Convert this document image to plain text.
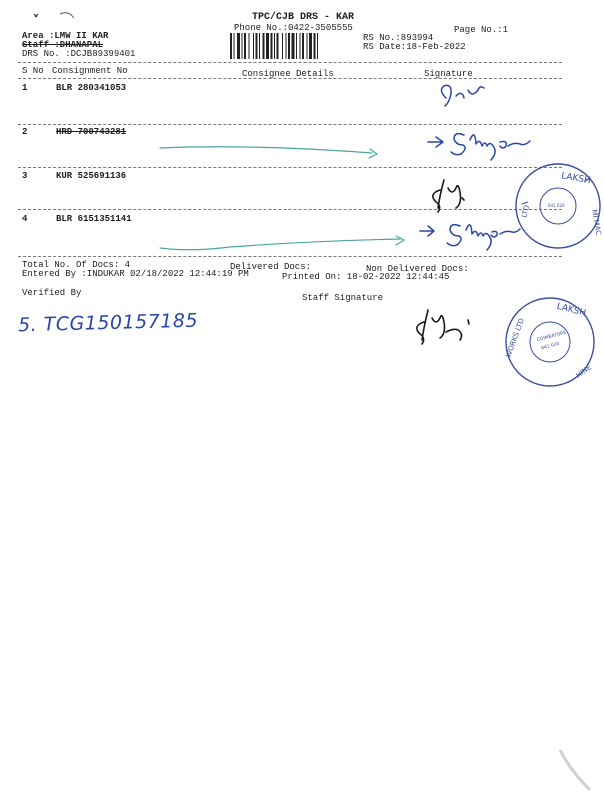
TPC/CJB DRS - KAR
Phone No.:0422-3505555	Page No.:1
Area :LMW II KAR
Staff :DHANAPAL
DRS No. :DCJB89399401
RS No.:893994
RS Date:18-Feb-2022
S No Consignment No	Consignee Details	Signature
1	BLR 280341053
2	HRD 700743281
3	KUR 525691136
4	BLR 6151351141
Total No. Of Docs: 4	Delivered Docs:	Non Delivered Docs:
Entered By :INDUKAR 02/18/2022 12:44:19 PM	Printed On: 18-02-2022 12:44:45
Verified By	Staff Signature
5. TCG150157185
LAKSH
MI MAC
LTD	641 020
LAKSH
WORKS LTD
HINE
COIMBATORE
641 020
